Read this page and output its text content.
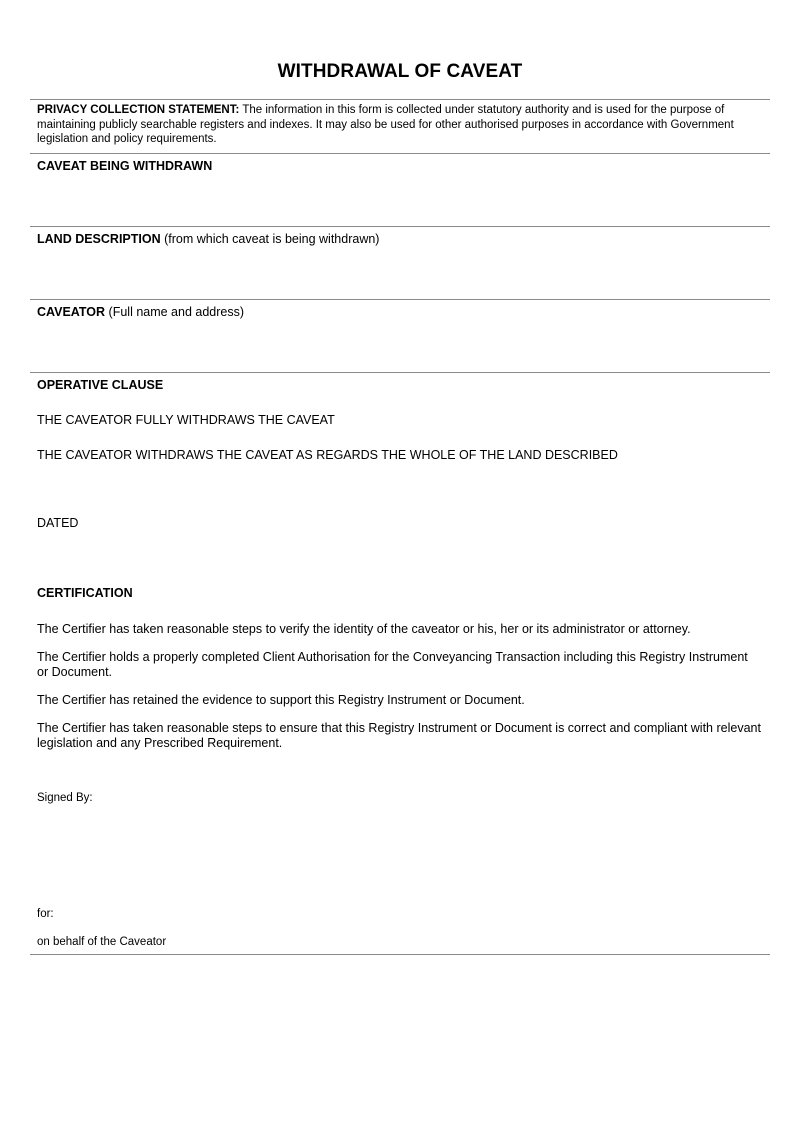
WITHDRAWAL OF CAVEAT
PRIVACY COLLECTION STATEMENT: The information in this form is collected under statutory authority and is used for the purpose of maintaining publicly searchable registers and indexes. It may also be used for other authorised purposes in accordance with Government legislation and policy requirements.
CAVEAT BEING WITHDRAWN
LAND DESCRIPTION (from which caveat is being withdrawn)
CAVEATOR (Full name and address)
OPERATIVE CLAUSE
THE CAVEATOR FULLY WITHDRAWS THE CAVEAT
THE CAVEATOR WITHDRAWS THE CAVEAT AS REGARDS THE WHOLE OF THE LAND DESCRIBED
DATED
CERTIFICATION
The Certifier has taken reasonable steps to verify the identity of the caveator or his, her or its administrator or attorney.
The Certifier holds a properly completed Client Authorisation for the Conveyancing Transaction including this Registry Instrument or Document.
The Certifier has retained the evidence to support this Registry Instrument or Document.
The Certifier has taken reasonable steps to ensure that this Registry Instrument or Document is correct and compliant with relevant legislation and any Prescribed Requirement.
Signed By:
for:
on behalf of the Caveator
